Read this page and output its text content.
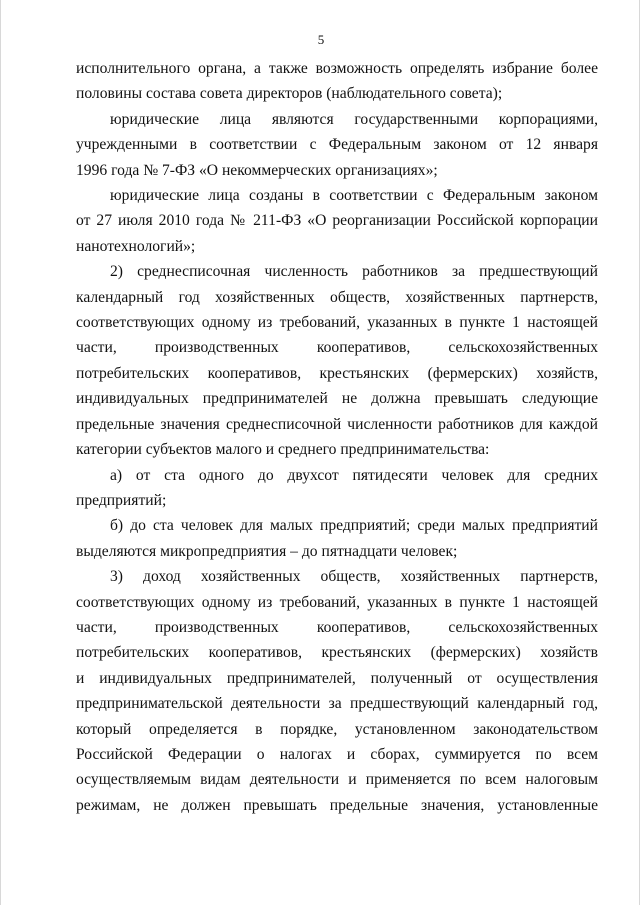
5

исполнительного органа, а также возможность определять избрание более

половины состава совета директоров (наблюдательного совета);

юридические лица являются государственными корпорациями,

учрежденными в соответствии с Федеральным законом от 12 января

1996 года № 7-ФЗ «О некоммерческих организациях»;

юридические лица созданы в соответствии с Федеральным законом

от 27 июля 2010 года № 211-ФЗ «О реорганизации Российской корпорации

нанотехнологий»;

2) среднесписочная численность работников за предшествующий

календарный год хозяйственных обществ, хозяйственных партнерств,

соответствующих одному из требований, указанных в пункте 1 настоящей

части, производственных кооперативов, сельскохозяйственных

потребительских кооперативов, крестьянских (фермерских) хозяйств,

индивидуальных предпринимателей не должна превышать следующие

предельные значения среднесписочной численности работников для каждой

категории субъектов малого и среднего предпринимательства:

а) от ста одного до двухсот пятидесяти человек для средних предприятий;

б) до ста человек для малых предприятий; среди малых предприятий

выделяются микропредприятия – до пятнадцати человек;

3) доход хозяйственных обществ, хозяйственных партнерств,

соответствующих одному из требований, указанных в пункте 1 настоящей

части, производственных кооперативов, сельскохозяйственных

потребительских кооперативов, крестьянских (фермерских) хозяйств

и индивидуальных предпринимателей, полученный от осуществления

предпринимательской деятельности за предшествующий календарный год,

который определяется в порядке, установленном законодательством

Российской Федерации о налогах и сборах, суммируется по всем

осуществляемым видам деятельности и применяется по всем налоговым

режимам, не должен превышать предельные значения, установленные
